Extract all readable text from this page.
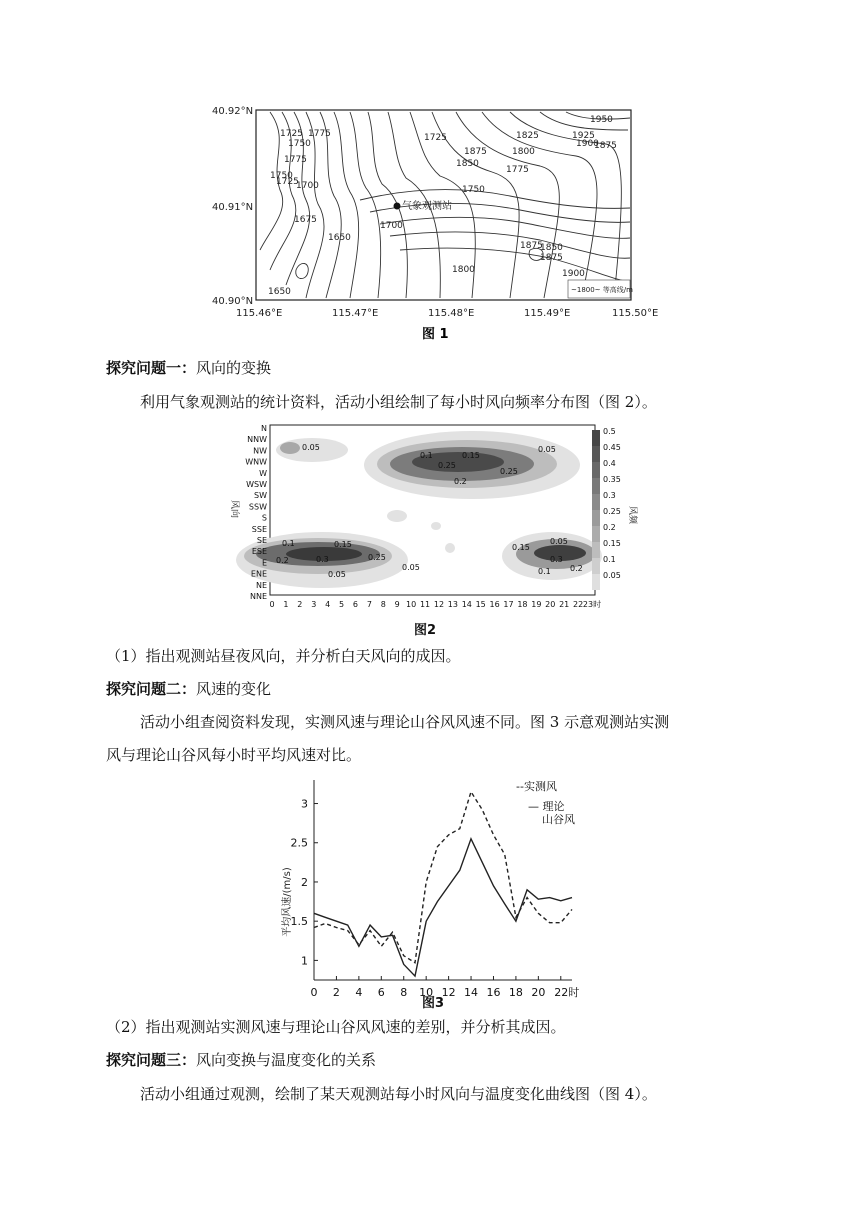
气象观测站
1725
1750
1775
1775
1750
1725
1700
1675
1650
1725	1825
1875
1850
1800
1775
1950
1925
1900
1875
1750
1700
1875
1850
1875
1800	1900
1650	~1800~ 等高线/m
40.92°N
40.91°N
40.90°N
115.46°E	115.47°E	115.48°E	115.49°E	115.50°E
图 1
探究问题一：风向的变换
利用气象观测站的统计资料，活动小组绘制了每小时风向频率分布图（图 2）。
0.05
0.1	0.15
0.25
0.2
0.25
0.05
0.1	0.15
0.2	0.3
0.05
0.25
0.05
0.15
0.05
0.3
0.1 0.2
N
NNW
NW
WNW
W
WSW
SW
SSW
S
SSE
SE
ESE
E
ENE
NE
NNE
0 1 2 3 4 5 6 7 8 9 10 11 12 13 14 15 16 17 18 19 20 21 22 23时
风向
0.5
0.45
0.4
0.35
0.3
0.25
0.2
0.15
0.1
0.05
风频
图2
（1）指出观测站昼夜风向，并分析白天风向的成因。
探究问题二：风速的变化
活动小组查阅资料发现，实测风速与理论山谷风风速不同。图 3 示意观测站实测
风与理论山谷风每小时平均风速对比。
1
1.5
2
2.5
3
0 2 4 6 8 10 12 14 16 18 20 22时
平均风速/(m/s)
--实测风
— 理论
山谷风
图3
（2）指出观测站实测风速与理论山谷风风速的差别，并分析其成因。
探究问题三：风向变换与温度变化的关系
活动小组通过观测，绘制了某天观测站每小时风向与温度变化曲线图（图 4）。
